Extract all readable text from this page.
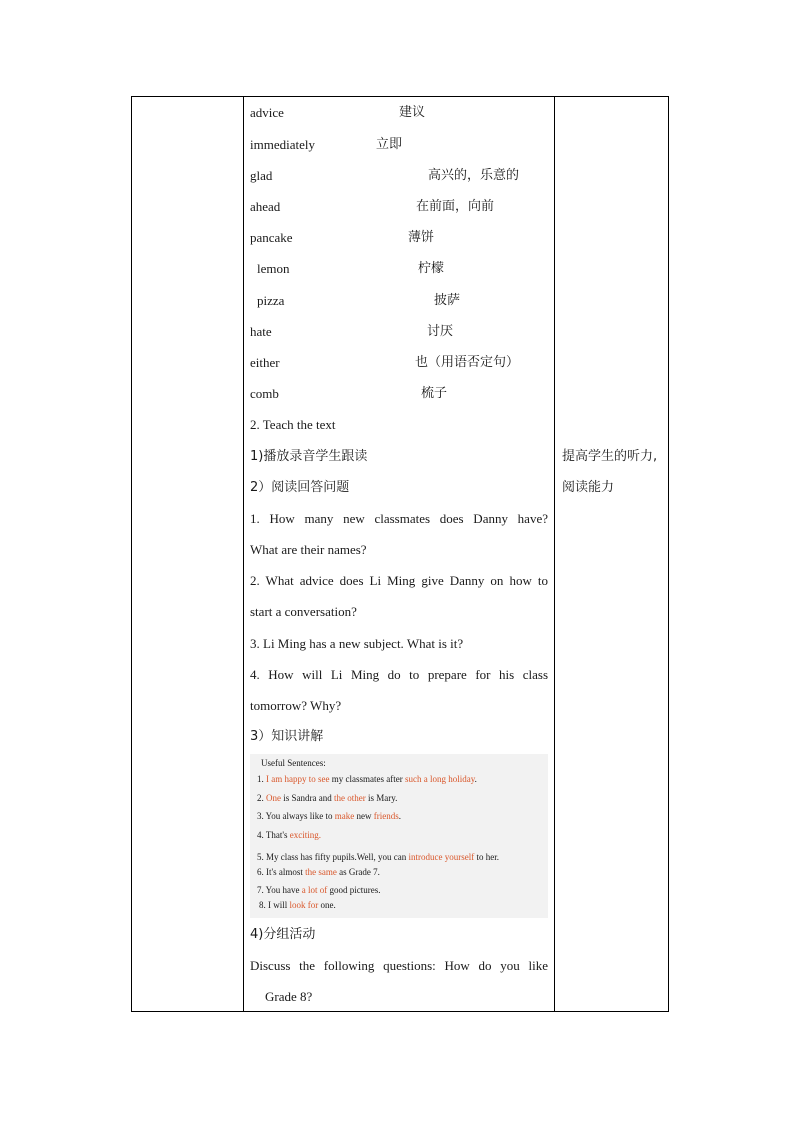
advice	建议
immediately	立即
glad	高兴的，乐意的
ahead	在前面，向前
pancake	薄饼
lemon	柠檬
pizza	披萨
hate	讨厌
either	也（用语否定句）
comb	梳子
2. Teach the text
1)播放录音学生跟读
2）阅读回答问题
1. How many new classmates does Danny have?
What are their names?
2. What advice does Li Ming give Danny on how to
start a conversation?
3. Li Ming has a new subject. What is it?
4. How will Li Ming do to prepare for his class
tomorrow? Why?
3）知识讲解
4)分组活动
Discuss the following questions: How do you like
Grade 8?
Useful Sentences:
1. I am happy to see my classmates after such a long holiday.
2. One is Sandra and the other is Mary.
3. You always like to make new friends.
4. That's exciting.
5. My class has fifty pupils.Well, you can introduce yourself to her.
6. It's almost the same as Grade 7.
7. You have a lot of good pictures.
8. I will look for one.
提高学生的听力,
阅读能力
